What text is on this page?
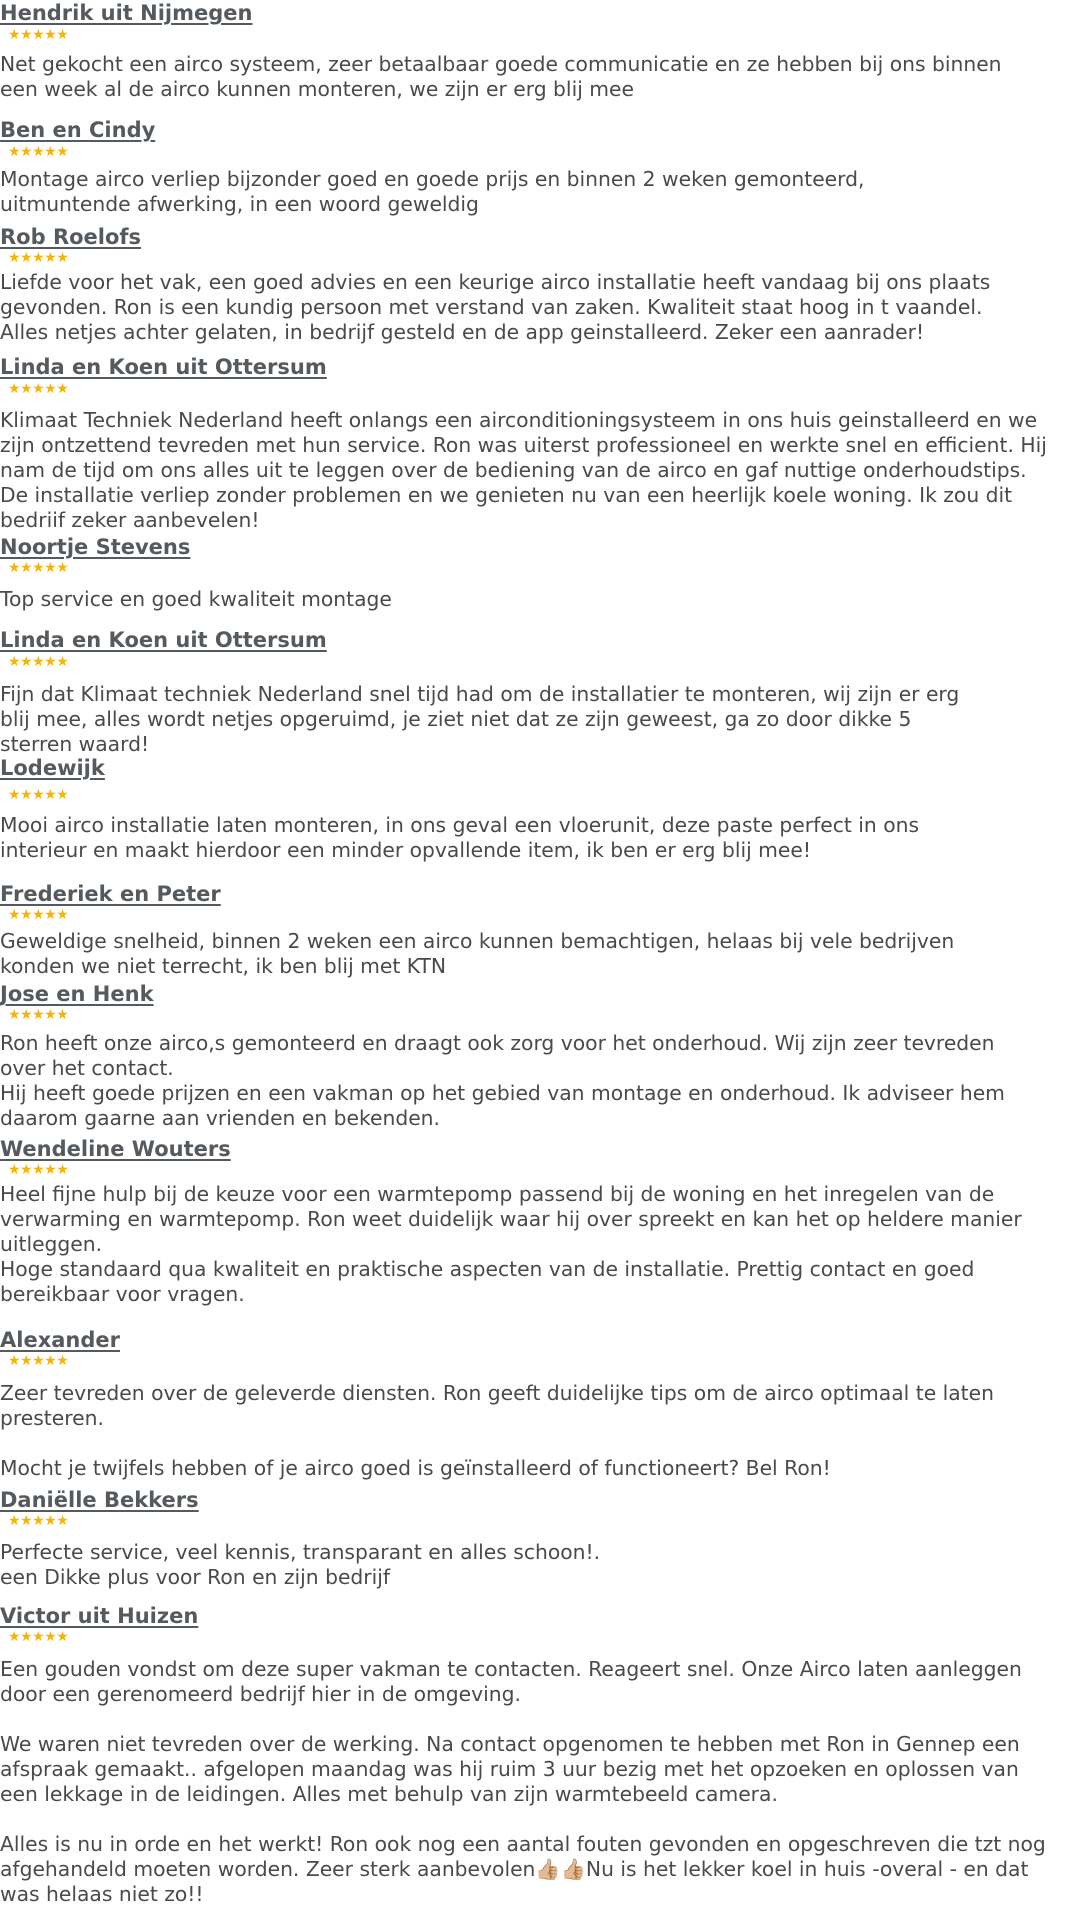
Hendrik uit Nijmegen
★★★★★

Net gekocht een airco systeem, zeer betaalbaar goede communicatie en ze hebben bij ons binnen
een week al de airco kunnen monteren, we zijn er erg blij mee

Ben en Cindy
★★★★★

Montage airco verliep bijzonder goed en goede prijs en binnen 2 weken gemonteerd,
uitmuntende afwerking, in een woord geweldig

Rob Roelofs
★★★★★

Liefde voor het vak, een goed advies en een keurige airco installatie heeft vandaag bij ons plaats
gevonden. Ron is een kundig persoon met verstand van zaken. Kwaliteit staat hoog in t vaandel.
Alles netjes achter gelaten, in bedrijf gesteld en de app geinstalleerd. Zeker een aanrader!

Linda en Koen uit Ottersum
★★★★★

Klimaat Techniek Nederland heeft onlangs een airconditioningsysteem in ons huis geinstalleerd en we
zijn ontzettend tevreden met hun service. Ron was uiterst professioneel en werkte snel en efficient. Hij
nam de tijd om ons alles uit te leggen over de bediening van de airco en gaf nuttige onderhoudstips.
De installatie verliep zonder problemen en we genieten nu van een heerlijk koele woning. Ik zou dit
bedriif zeker aanbevelen!

Noortje Stevens
★★★★★

Top service en goed kwaliteit montage

Linda en Koen uit Ottersum
★★★★★

Fijn dat Klimaat techniek Nederland snel tijd had om de installatier te monteren, wij zijn er erg
blij mee, alles wordt netjes opgeruimd, je ziet niet dat ze zijn geweest, ga zo door dikke 5
sterren waard!

Lodewijk
★★★★★

Mooi airco installatie laten monteren, in ons geval een vloerunit, deze paste perfect in ons
interieur en maakt hierdoor een minder opvallende item, ik ben er erg blij mee!

Frederiek en Peter
★★★★★

Geweldige snelheid, binnen 2 weken een airco kunnen bemachtigen, helaas bij vele bedrijven
konden we niet terrecht, ik ben blij met KTN

Jose en Henk
★★★★★

Ron heeft onze airco,s gemonteerd en draagt ook zorg voor het onderhoud. Wij zijn zeer tevreden
over het contact.
Hij heeft goede prijzen en een vakman op het gebied van montage en onderhoud. Ik adviseer hem
daarom gaarne aan vrienden en bekenden.

Wendeline Wouters
★★★★★

Heel fijne hulp bij de keuze voor een warmtepomp passend bij de woning en het inregelen van de
verwarming en warmtepomp. Ron weet duidelijk waar hij over spreekt en kan het op heldere manier
uitleggen.
Hoge standaard qua kwaliteit en praktische aspecten van de installatie. Prettig contact en goed
bereikbaar voor vragen.

Alexander
★★★★★

Zeer tevreden over de geleverde diensten. Ron geeft duidelijke tips om de airco optimaal te laten
presteren.

Mocht je twijfels hebben of je airco goed is geïnstalleerd of functioneert? Bel Ron!

Daniëlle Bekkers
★★★★★

Perfecte service, veel kennis, transparant en alles schoon!.
een Dikke plus voor Ron en zijn bedrijf

Victor uit Huizen
★★★★★

Een gouden vondst om deze super vakman te contacten. Reageert snel. Onze Airco laten aanleggen
door een gerenomeerd bedrijf hier in de omgeving.

We waren niet tevreden over de werking. Na contact opgenomen te hebben met Ron in Gennep een
afspraak gemaakt.. afgelopen maandag was hij ruim 3 uur bezig met het opzoeken en oplossen van
een lekkage in de leidingen. Alles met behulp van zijn warmtebeeld camera.

Alles is nu in orde en het werkt! Ron ook nog een aantal fouten gevonden en opgeschreven die tzt nog
afgehandeld moeten worden. Zeer sterk aanbevolen👍🏼👍🏼Nu is het lekker koel in huis -overal - en dat
was helaas niet zo!!
